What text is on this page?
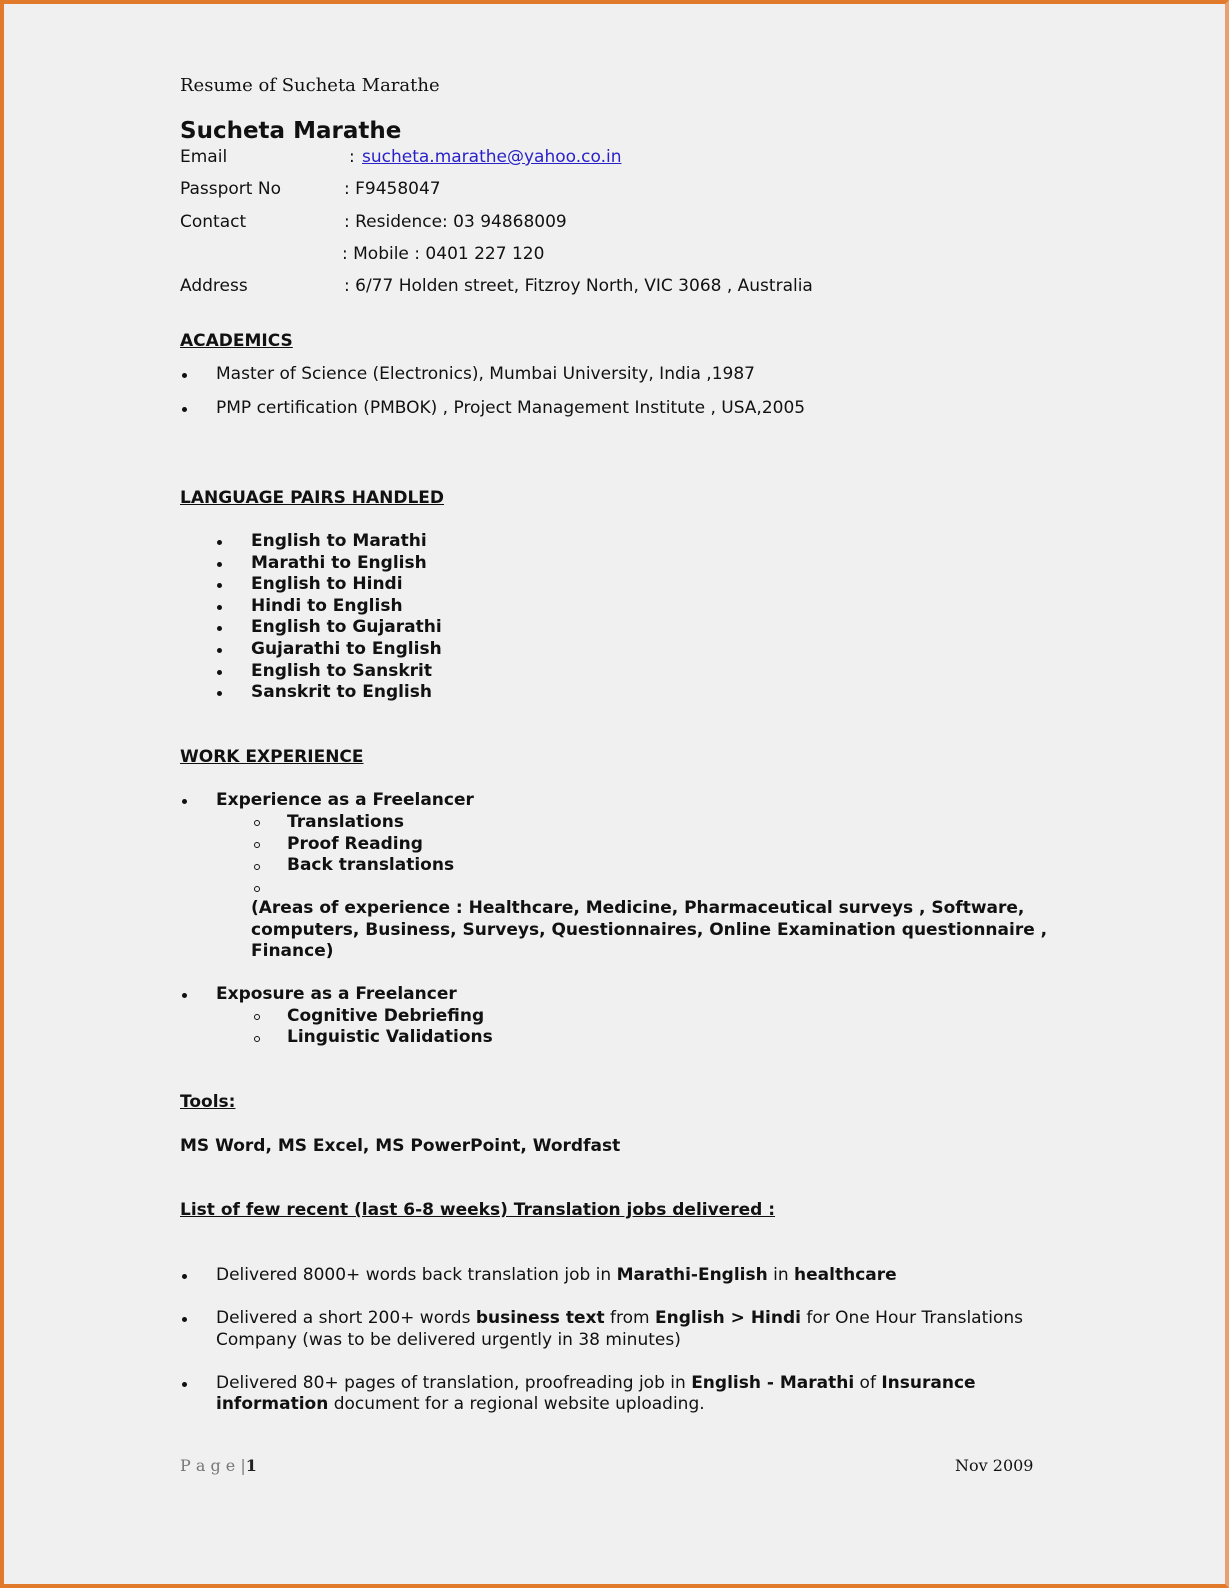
Resume of Sucheta Marathe
Sucheta Marathe
Email	: sucheta.marathe@yahoo.co.in
Passport No	: F9458047
Contact	: Residence: 03 94868009
: Mobile : 0401 227 120
Address	: 6/77 Holden street, Fitzroy North, VIC 3068 , Australia
ACADEMICS
Master of Science (Electronics), Mumbai University, India ,1987
PMP certification (PMBOK) , Project Management Institute , USA,2005
LANGUAGE PAIRS HANDLED
English to Marathi
Marathi to English
English to Hindi
Hindi to English
English to Gujarathi
Gujarathi to English
English to Sanskrit
Sanskrit to English
WORK EXPERIENCE
Experience as a Freelancer
Translations
Proof Reading
Back translations
(Areas of experience : Healthcare, Medicine, Pharmaceutical surveys , Software,
computers, Business, Surveys, Questionnaires, Online Examination questionnaire ,
Finance)
Exposure as a Freelancer
Cognitive Debriefing
Linguistic Validations
Tools:
MS Word, MS Excel, MS PowerPoint, Wordfast
List of few recent (last 6-8 weeks) Translation jobs delivered :
Delivered 8000+ words back translation job in Marathi-English in healthcare
Delivered a short 200+ words business text from English > Hindi for One Hour Translations
Company (was to be delivered urgently in 38 minutes)
Delivered 80+ pages of translation, proofreading job in English - Marathi of Insurance
information document for a regional website uploading.
P a g e |1	Nov 2009
